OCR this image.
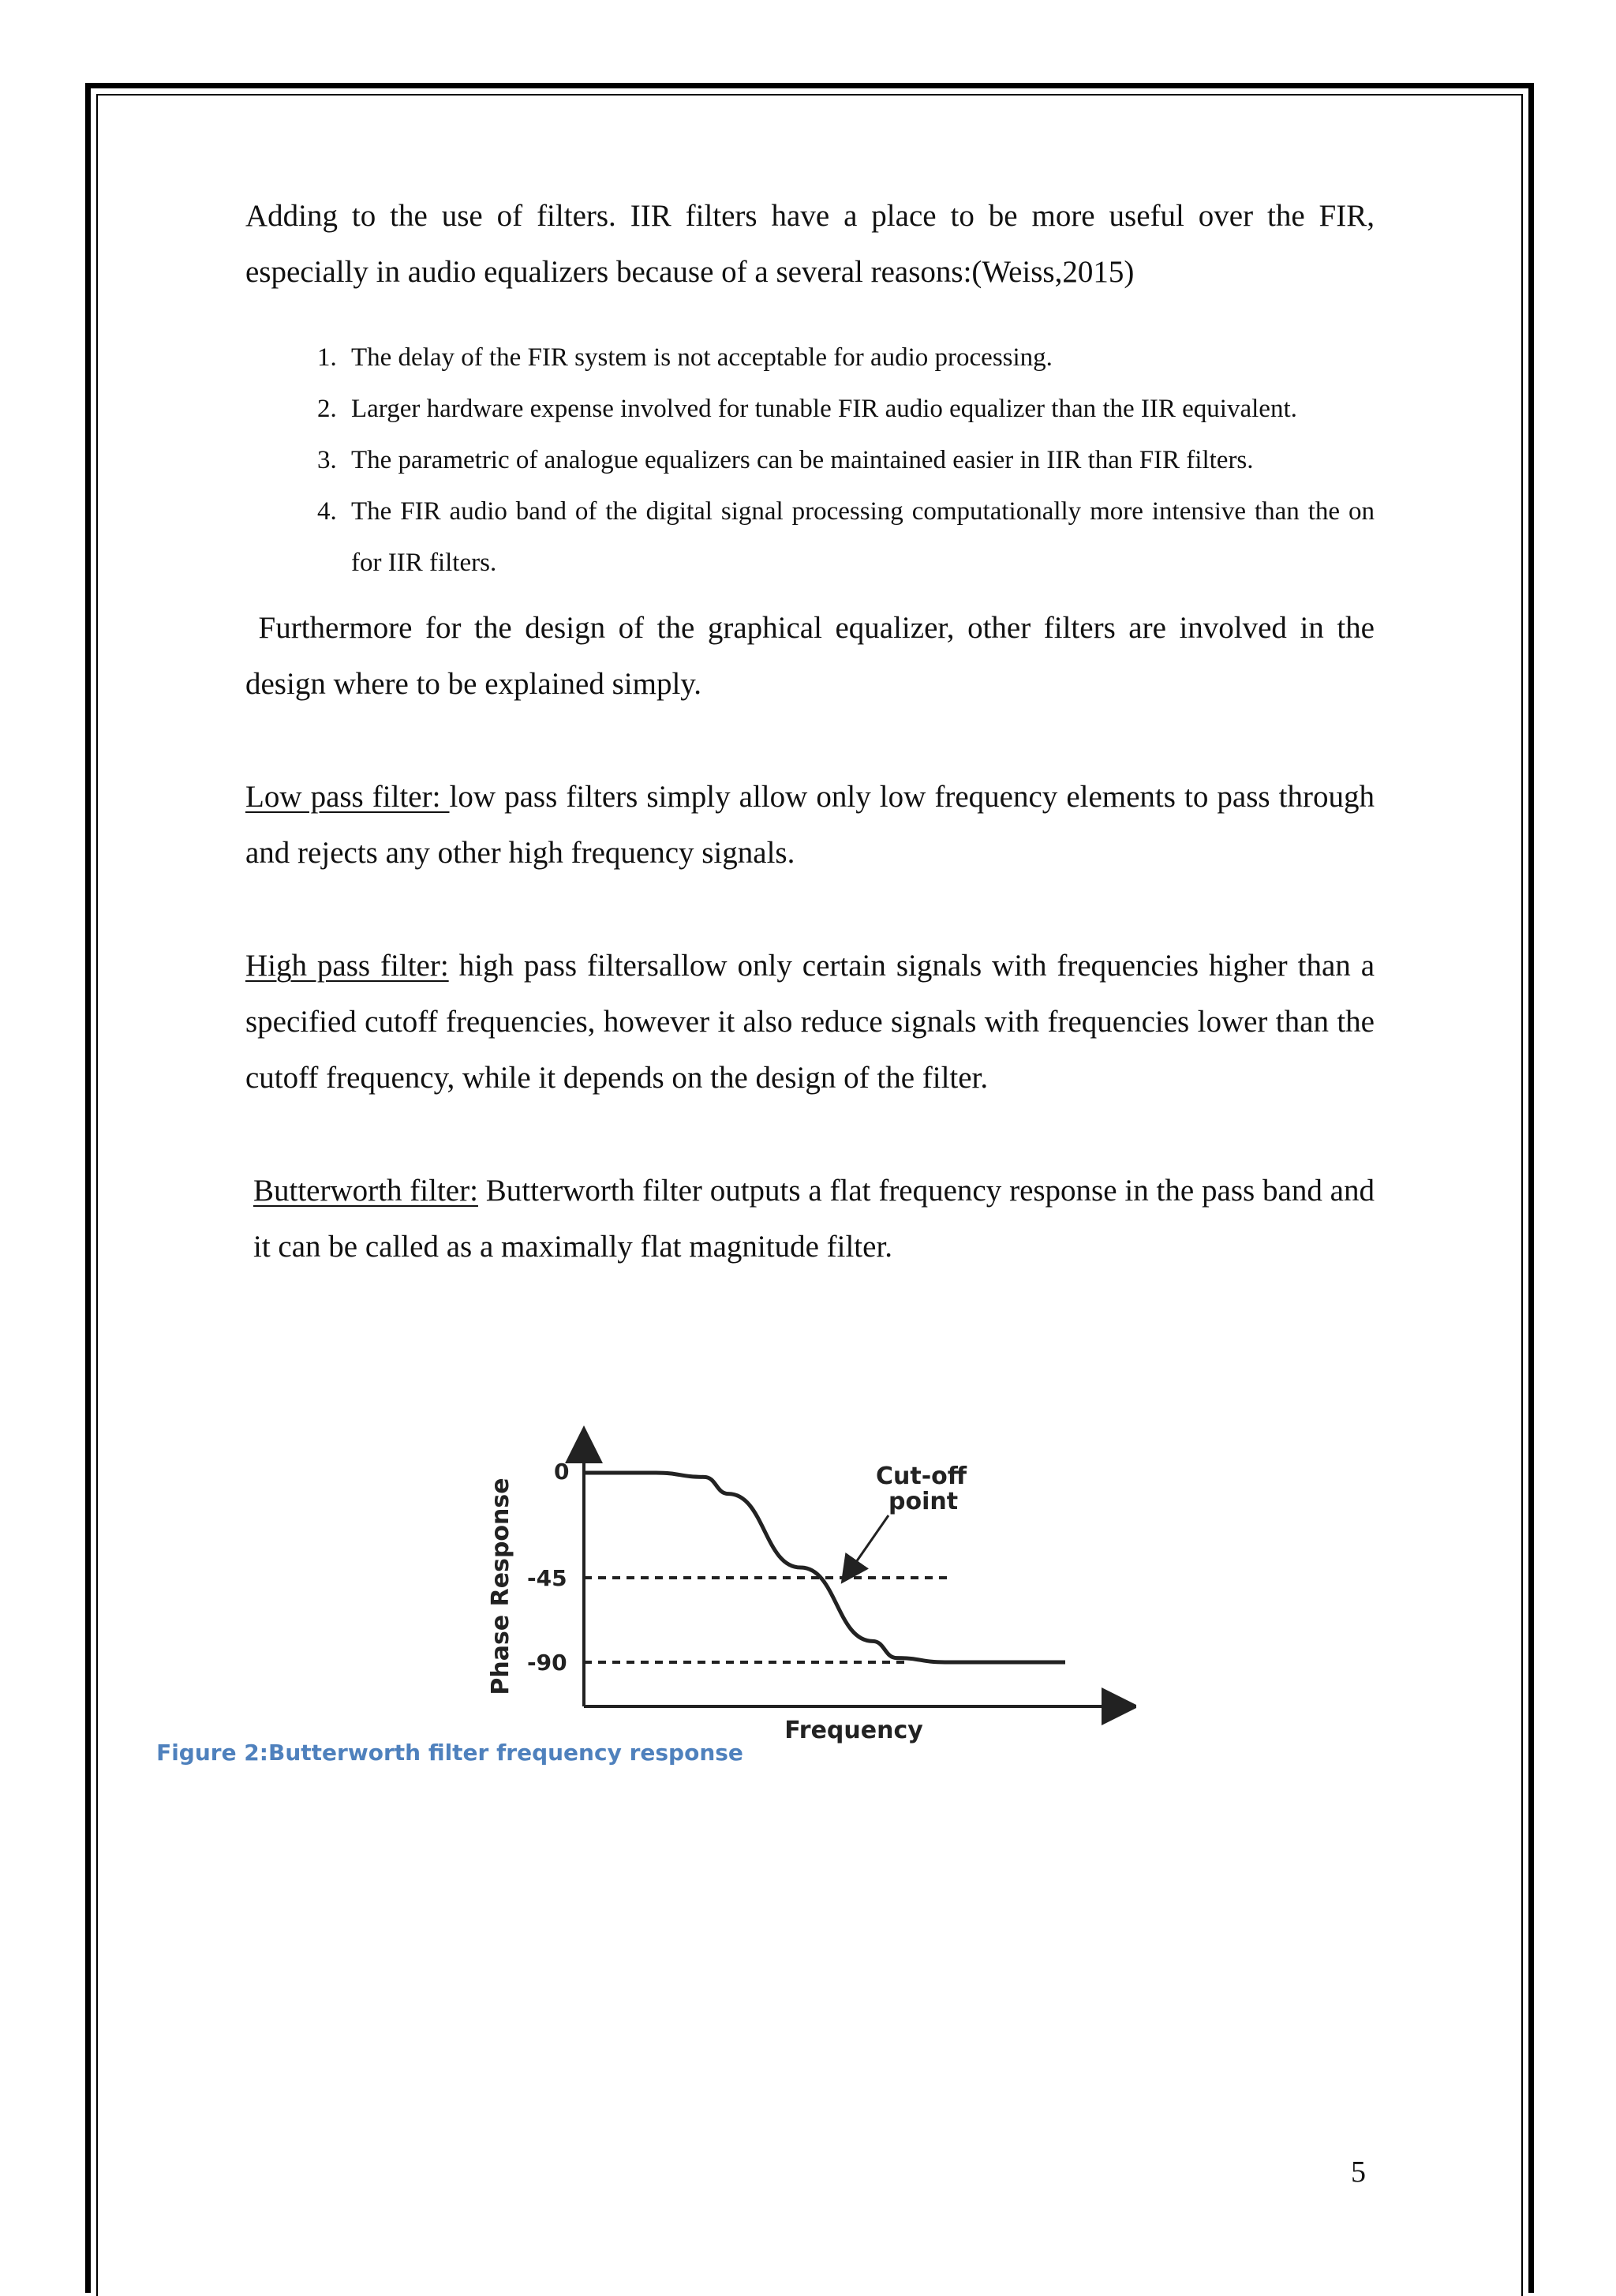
Adding to the use of filters. IIR filters have a place to be more useful over the FIR, especially in audio equalizers because of a several reasons:(Weiss,2015)

1. The delay of the FIR system is not acceptable for audio processing.
2. Larger hardware expense involved for tunable FIR audio equalizer than the IIR equivalent.
3. The parametric of analogue equalizers can be maintained easier in IIR than FIR filters.
4. The FIR audio band of the digital signal processing computationally more intensive than the on for IIR filters.

Furthermore for the design of the graphical equalizer, other filters are involved in the design where to be explained simply.

Low pass filter: low pass filters simply allow only low frequency elements to pass through and rejects any other high frequency signals.

High pass filter: high pass filtersallow only certain signals with frequencies higher than a specified cutoff frequencies, however it also reduce signals with frequencies lower than the cutoff frequency, while it depends on the design of the filter.

Butterworth filter: Butterworth filter outputs a flat frequency response in the pass band and it can be called as a maximally flat magnitude filter.

0
-45
-90
Phase Response
Frequency
Cut-off
point
Figure 2:Butterworth filter frequency response
5
